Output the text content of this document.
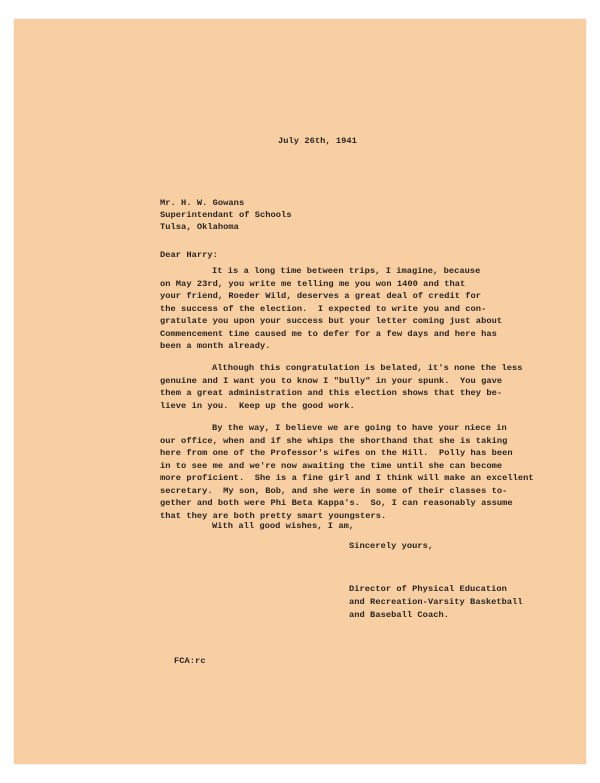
July 26th, 1941
Mr. H. W. Gowans
Superintendant of Schools
Tulsa, Oklahoma
Dear Harry:
It is a long time between trips, I imagine, because
on May 23rd, you write me telling me you won 1400 and that
your friend, Roeder Wild, deserves a great deal of credit for
the success of the election.  I expected to write you and con-
gratulate you upon your success but your letter coming just about
Commencement time caused me to defer for a few days and here has
been a month already.
Although this congratulation is belated, it's none the less
genuine and I want you to know I "bully" in your spunk.  You gave
them a great administration and this election shows that they be-
lieve in you.  Keep up the good work.
By the way, I believe we are going to have your niece in
our office, when and if she whips the shorthand that she is taking
here from one of the Professor's wifes on the Hill.  Polly has been
in to see me and we're now awaiting the time until she can become
more proficient.  She is a fine girl and I think will make an excellent
secretary.  My son, Bob, and she were in some of their classes to-
gether and both were Phi Beta Kappa's.  So, I can reasonably assume
that they are both pretty smart youngsters.
With all good wishes, I am,
Sincerely yours,
Director of Physical Education
and Recreation-Varsity Basketball
and Baseball Coach.
FCA:rc
